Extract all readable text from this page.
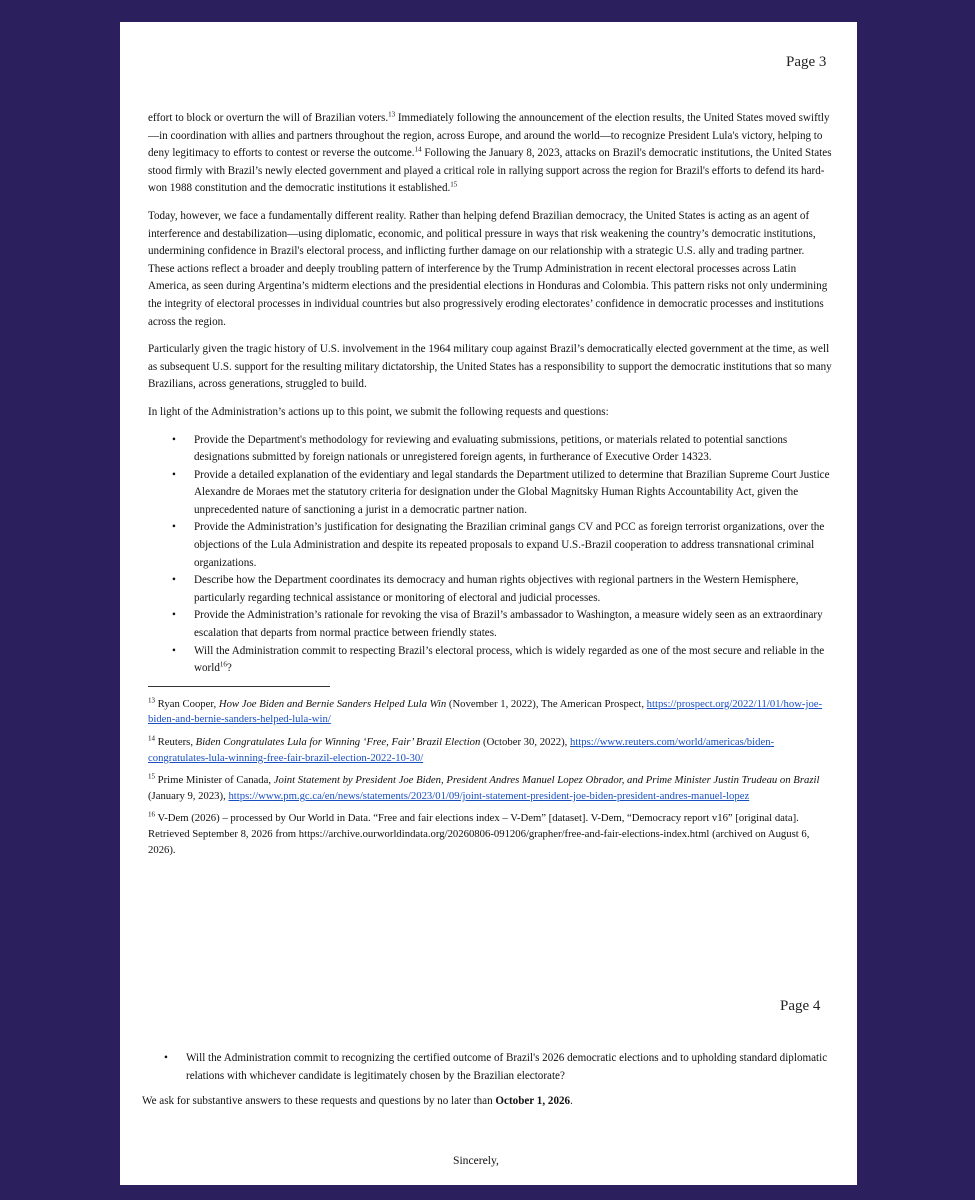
Page 3

effort to block or overturn the will of Brazilian voters.$^{13}$ Immediately following the announcement of the election results, the United States moved swiftly—in coordination with allies and partners throughout the region, across Europe, and around the world—to recognize President Lula's victory, helping to deny legitimacy to efforts to contest or reverse the outcome.$^{14}$ Following the January 8, 2023, attacks on Brazil's democratic institutions, the United States stood firmly with Brazil’s newly elected government and played a critical role in rallying support across the region for Brazil's efforts to defend its hard-won 1988 constitution and the democratic institutions it established.$^{15}$

Today, however, we face a fundamentally different reality. Rather than helping defend Brazilian democracy, the United States is acting as an agent of interference and destabilization—using diplomatic, economic, and political pressure in ways that risk weakening the country’s democratic institutions, undermining confidence in Brazil's electoral process, and inflicting further damage on our relationship with a strategic U.S. ally and trading partner. These actions reflect a broader and deeply troubling pattern of interference by the Trump Administration in recent electoral processes across Latin America, as seen during Argentina’s midterm elections and the presidential elections in Honduras and Colombia. This pattern risks not only undermining the integrity of electoral processes in individual countries but also progressively eroding electorates’ confidence in democratic processes and institutions across the region.

Particularly given the tragic history of U.S. involvement in the 1964 military coup against Brazil’s democratically elected government at the time, as well as subsequent U.S. support for the resulting military dictatorship, the United States has a responsibility to support the democratic institutions that so many Brazilians, across generations, struggled to build.

In light of the Administration’s actions up to this point, we submit the following requests and questions:

• Provide the Department's methodology for reviewing and evaluating submissions, petitions, or materials related to potential sanctions designations submitted by foreign nationals or unregistered foreign agents, in furtherance of Executive Order 14323.
• Provide a detailed explanation of the evidentiary and legal standards the Department utilized to determine that Brazilian Supreme Court Justice Alexandre de Moraes met the statutory criteria for designation under the Global Magnitsky Human Rights Accountability Act, given the unprecedented nature of sanctioning a jurist in a democratic partner nation.
• Provide the Administration’s justification for designating the Brazilian criminal gangs CV and PCC as foreign terrorist organizations, over the objections of the Lula Administration and despite its repeated proposals to expand U.S.-Brazil cooperation to address transnational criminal organizations.
• Describe how the Department coordinates its democracy and human rights objectives with regional partners in the Western Hemisphere, particularly regarding technical assistance or monitoring of electoral and judicial processes.
• Provide the Administration’s rationale for revoking the visa of Brazil’s ambassador to Washington, a measure widely seen as an extraordinary escalation that departs from normal practice between friendly states.
• Will the Administration commit to respecting Brazil’s electoral process, which is widely regarded as one of the most secure and reliable in the world$^{16}$?
$^{13}$ Ryan Cooper, How Joe Biden and Bernie Sanders Helped Lula Win (November 1, 2022), The American Prospect, https://prospect.org/2022/11/01/how-joe-biden-and-bernie-sanders-helped-lula-win/
$^{14}$ Reuters, Biden Congratulates Lula for Winning ‘Free, Fair’ Brazil Election (October 30, 2022), https://www.reuters.com/world/americas/biden-congratulates-lula-winning-free-fair-brazil-election-2022-10-30/
$^{15}$ Prime Minister of Canada, Joint Statement by President Joe Biden, President Andres Manuel Lopez Obrador, and Prime Minister Justin Trudeau on Brazil (January 9, 2023), https://www.pm.gc.ca/en/news/statements/2023/01/09/joint-statement-president-joe-biden-president-andres-manuel-lopez
$^{16}$ V-Dem (2026) – processed by Our World in Data. “Free and fair elections index – V-Dem” [dataset]. V-Dem, “Democracy report v16” [original data]. Retrieved September 8, 2026 from https://archive.ourworldindata.org/20260806-091206/grapher/free-and-fair-elections-index.html (archived on August 6, 2026).
Page 4
• Will the Administration commit to recognizing the certified outcome of Brazil's 2026 democratic elections and to upholding standard diplomatic relations with whichever candidate is legitimately chosen by the Brazilian electorate?
We ask for substantive answers to these requests and questions by no later than October 1, 2026.
Sincerely,
